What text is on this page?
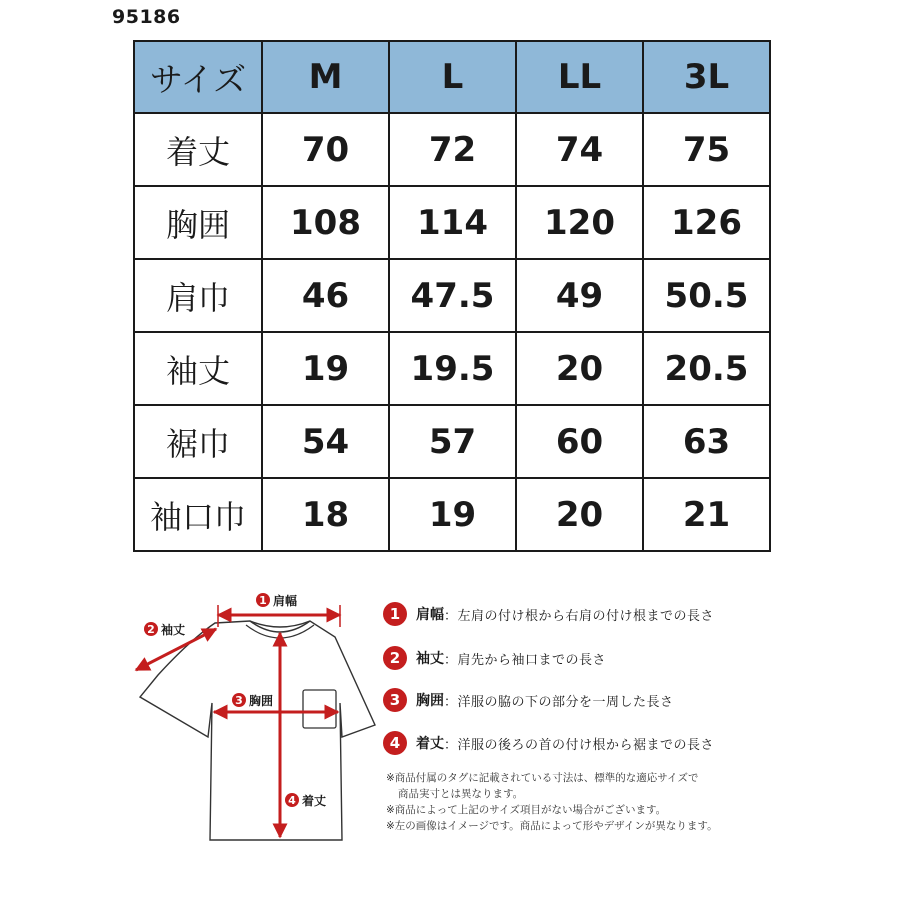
95186
サイズ	M	L	LL	3L
着丈	70	72	74	75
胸囲	108	114	120	126
肩巾	46	47.5	49	50.5
袖丈	19	19.5	20	20.5
裾巾	54	57	60	63
袖口巾	18	19	20	21
1 肩幅
2 袖丈
3 胸囲
4 着丈
1	肩幅 ：左肩の付け根から右肩の付け根までの長さ
2	袖丈 ：肩先から袖口までの長さ
3	胸囲 ：洋服の脇の下の部分を一周した長さ
4	着丈 ：洋服の後ろの首の付け根から裾までの長さ

※商品付属のタグに記載されている寸法は、標準的な適応サイズで

商品実寸とは異なります。

※商品によって上記のサイズ項目がない場合がございます。

※左の画像はイメージです。商品によって形やデザインが異なります。
